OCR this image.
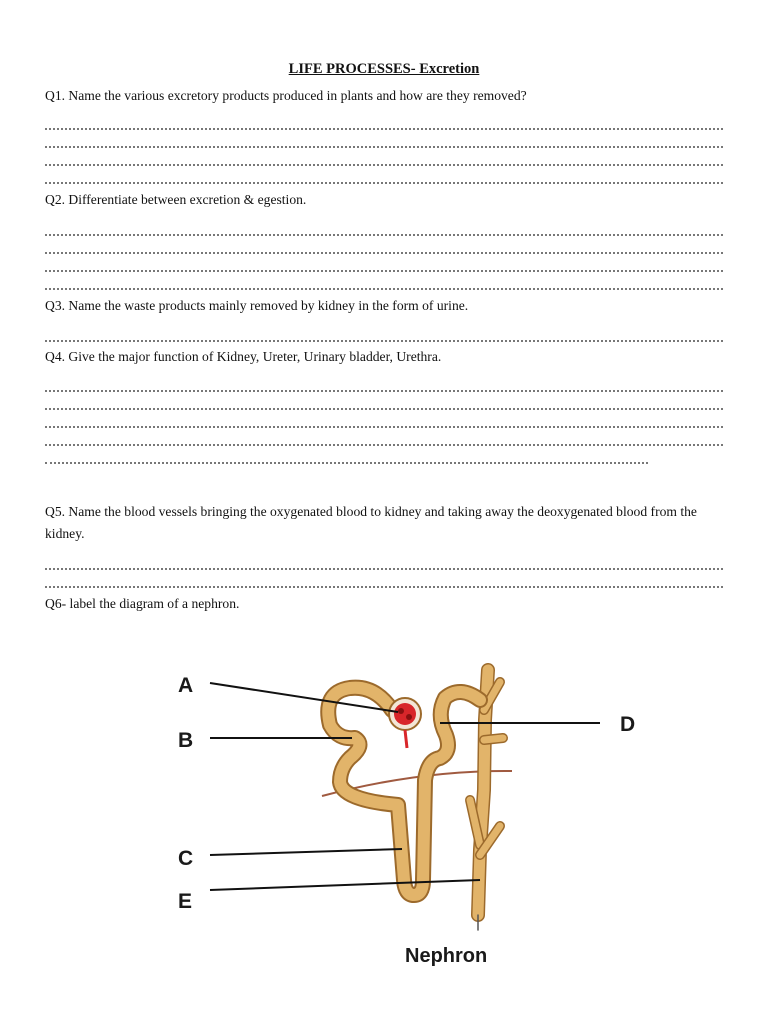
LIFE PROCESSES- Excretion
Q1. Name the various excretory products produced in plants and how are they removed?
Q2. Differentiate between excretion & egestion.
Q3. Name the waste products mainly removed by kidney in the form of urine.
Q4. Give the major function of Kidney, Ureter, Urinary bladder, Urethra.
Q5. Name the blood vessels bringing the oxygenated blood to kidney and taking away the deoxygenated blood from the kidney.
Q6- label the diagram of a nephron.
A
B
D
C
E
Nephron
